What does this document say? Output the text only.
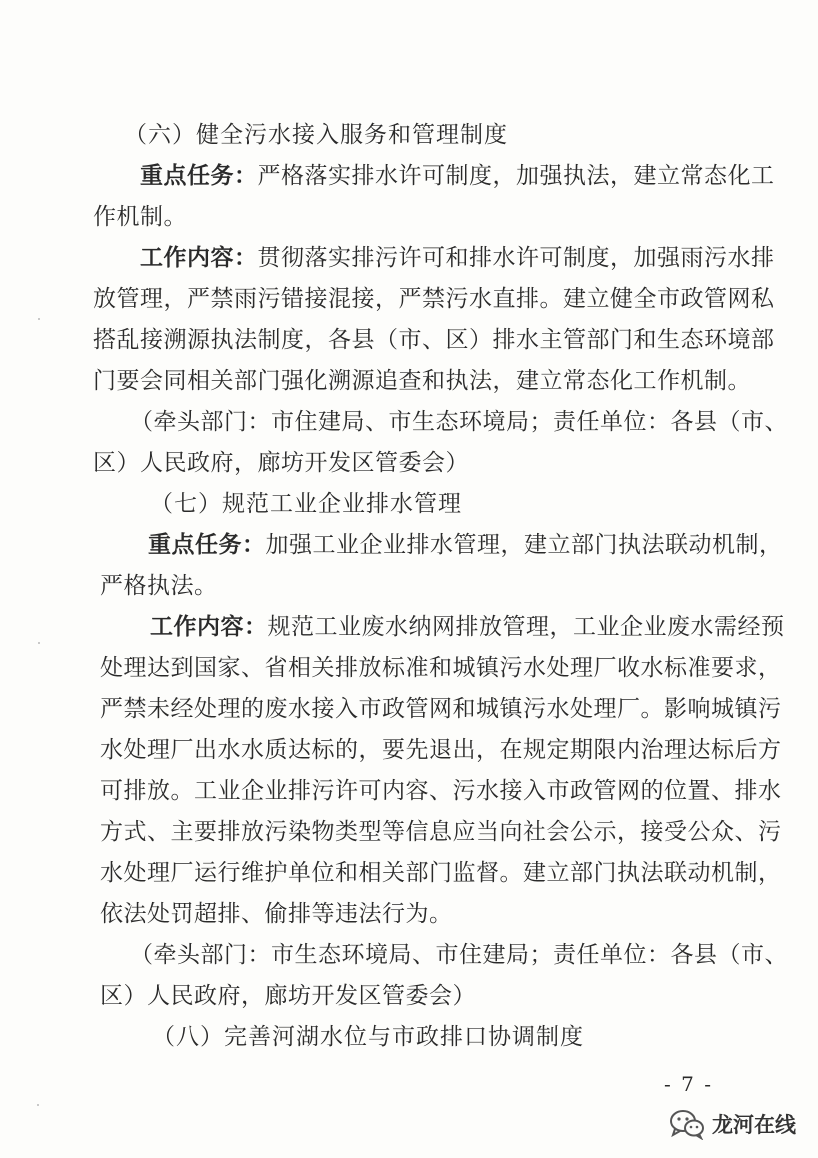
（六）健全污水接入服务和管理制度
重点任务：严格落实排水许可制度，加强执法，建立常态化工
作机制。
工作内容：贯彻落实排污许可和排水许可制度，加强雨污水排
放管理，严禁雨污错接混接，严禁污水直排。建立健全市政管网私
搭乱接溯源执法制度，各县（市、区）排水主管部门和生态环境部
门要会同相关部门强化溯源追查和执法，建立常态化工作机制。
（牵头部门：市住建局、市生态环境局；责任单位：各县（市、
区）人民政府，廊坊开发区管委会）
（七）规范工业企业排水管理
重点任务：加强工业企业排水管理，建立部门执法联动机制，
严格执法。
工作内容：规范工业废水纳网排放管理，工业企业废水需经预
处理达到国家、省相关排放标准和城镇污水处理厂收水标准要求，
严禁未经处理的废水接入市政管网和城镇污水处理厂。影响城镇污
水处理厂出水水质达标的，要先退出，在规定期限内治理达标后方
可排放。工业企业排污许可内容、污水接入市政管网的位置、排水
方式、主要排放污染物类型等信息应当向社会公示，接受公众、污
水处理厂运行维护单位和相关部门监督。建立部门执法联动机制，
依法处罚超排、偷排等违法行为。
（牵头部门：市生态环境局、市住建局；责任单位：各县（市、
区）人民政府，廊坊开发区管委会）
（八）完善河湖水位与市政排口协调制度
- 7 -
龙河在线
